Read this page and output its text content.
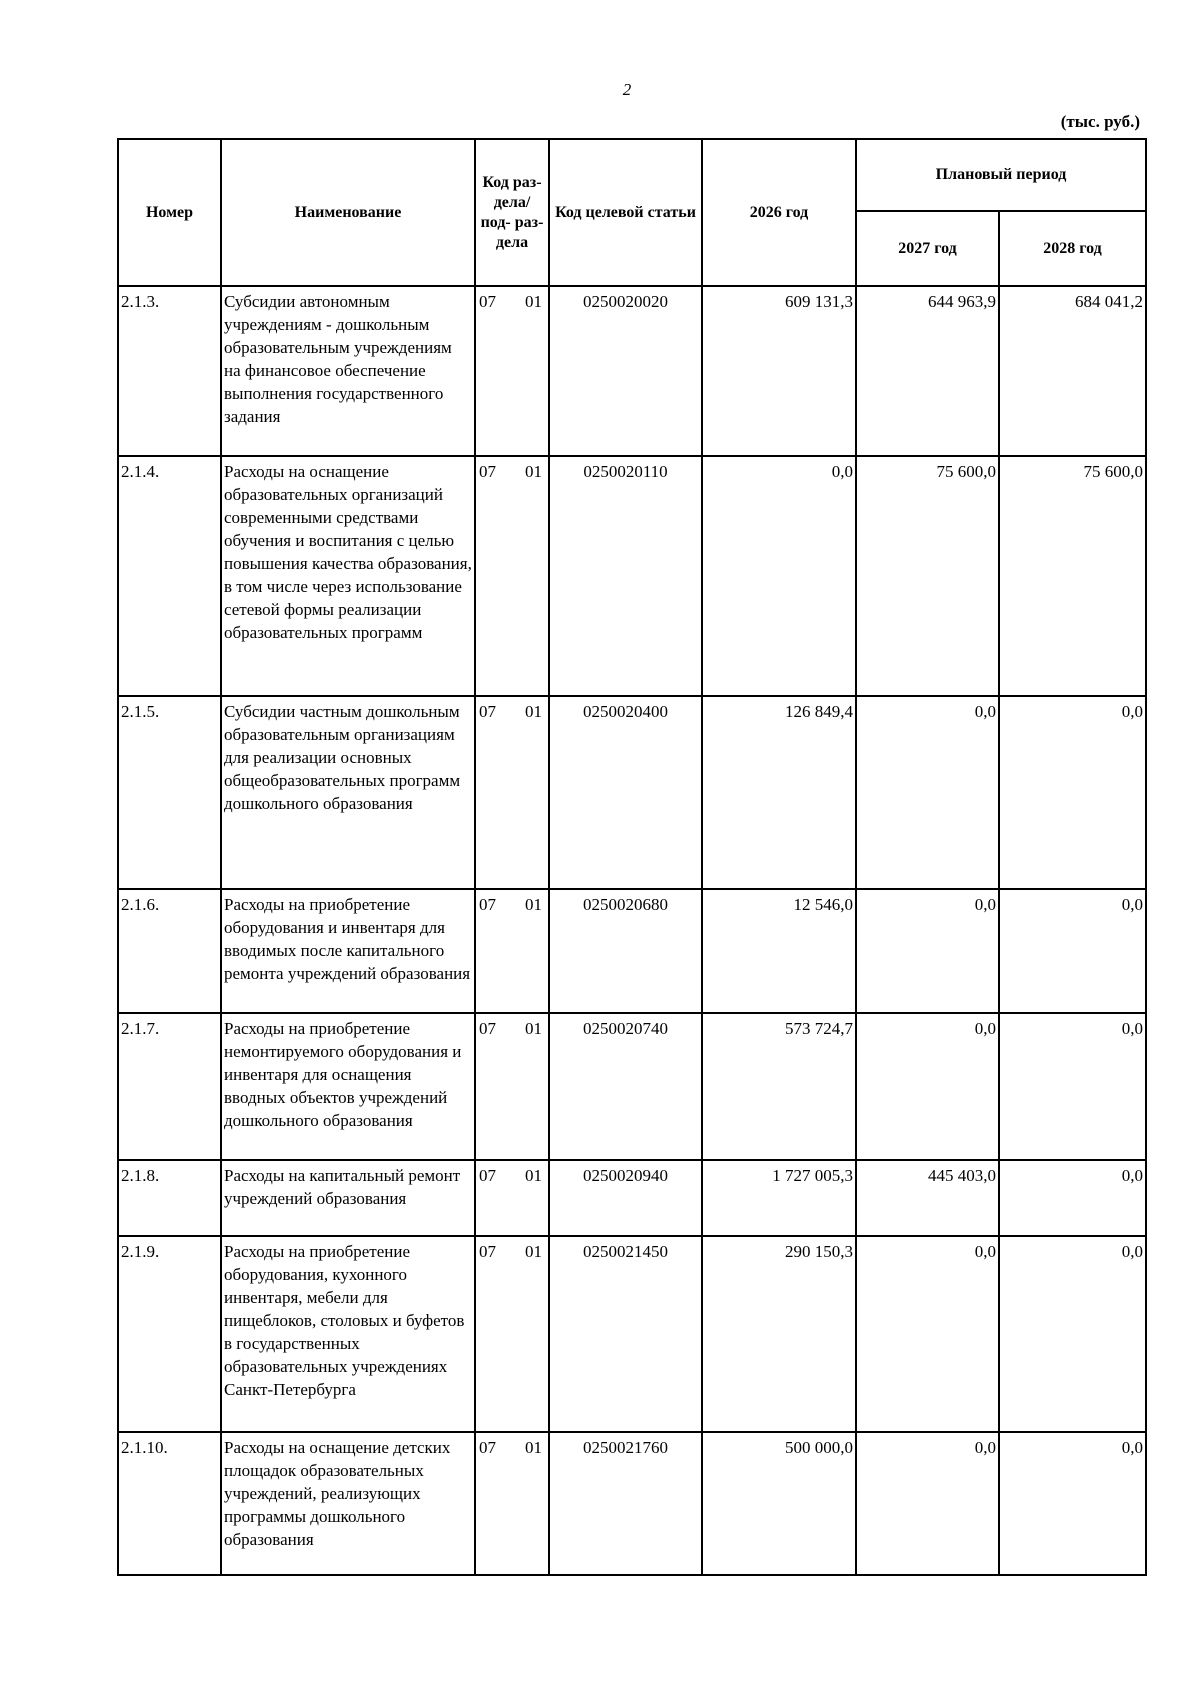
2
(тыс. руб.)
Номер	Наименование	Код раз- дела/ под- раз- дела	Код целевой статьи	2026 год	Плановый период	
					2027 год	2028 год
2.1.3.	Субсидии автономным учреждениям - дошкольным образовательным учреждениям на финансовое обеспечение выполнения государственного задания	07 01	0250020020	609 131,3	644 963,9	684 041,2
2.1.4.	Расходы на оснащение образовательных организаций современными средствами обучения и воспитания с целью повышения качества образования, в том числе через использование сетевой формы реализации образовательных программ	07 01	0250020110	0,0	75 600,0	75 600,0
2.1.5.	Субсидии частным дошкольным образовательным организациям для реализации основных общеобразовательных программ дошкольного образования	07 01	0250020400	126 849,4	0,0	0,0
2.1.6.	Расходы на приобретение оборудования и инвентаря для вводимых после капитального ремонта учреждений образования	07 01	0250020680	12 546,0	0,0	0,0
2.1.7.	Расходы на приобретение немонтируемого оборудования и инвентаря для оснащения вводных объектов учреждений дошкольного образования	07 01	0250020740	573 724,7	0,0	0,0
2.1.8.	Расходы на капитальный ремонт учреждений образования	07 01	0250020940	1 727 005,3	445 403,0	0,0
2.1.9.	Расходы на приобретение оборудования, кухонного инвентаря, мебели для пищеблоков, столовых и буфетов в государственных образовательных учреждениях Санкт-Петербурга	07 01	0250021450	290 150,3	0,0	0,0
2.1.10.	Расходы на оснащение детских площадок образовательных учреждений, реализующих программы дошкольного образования	07 01	0250021760	500 000,0	0,0	0,0
